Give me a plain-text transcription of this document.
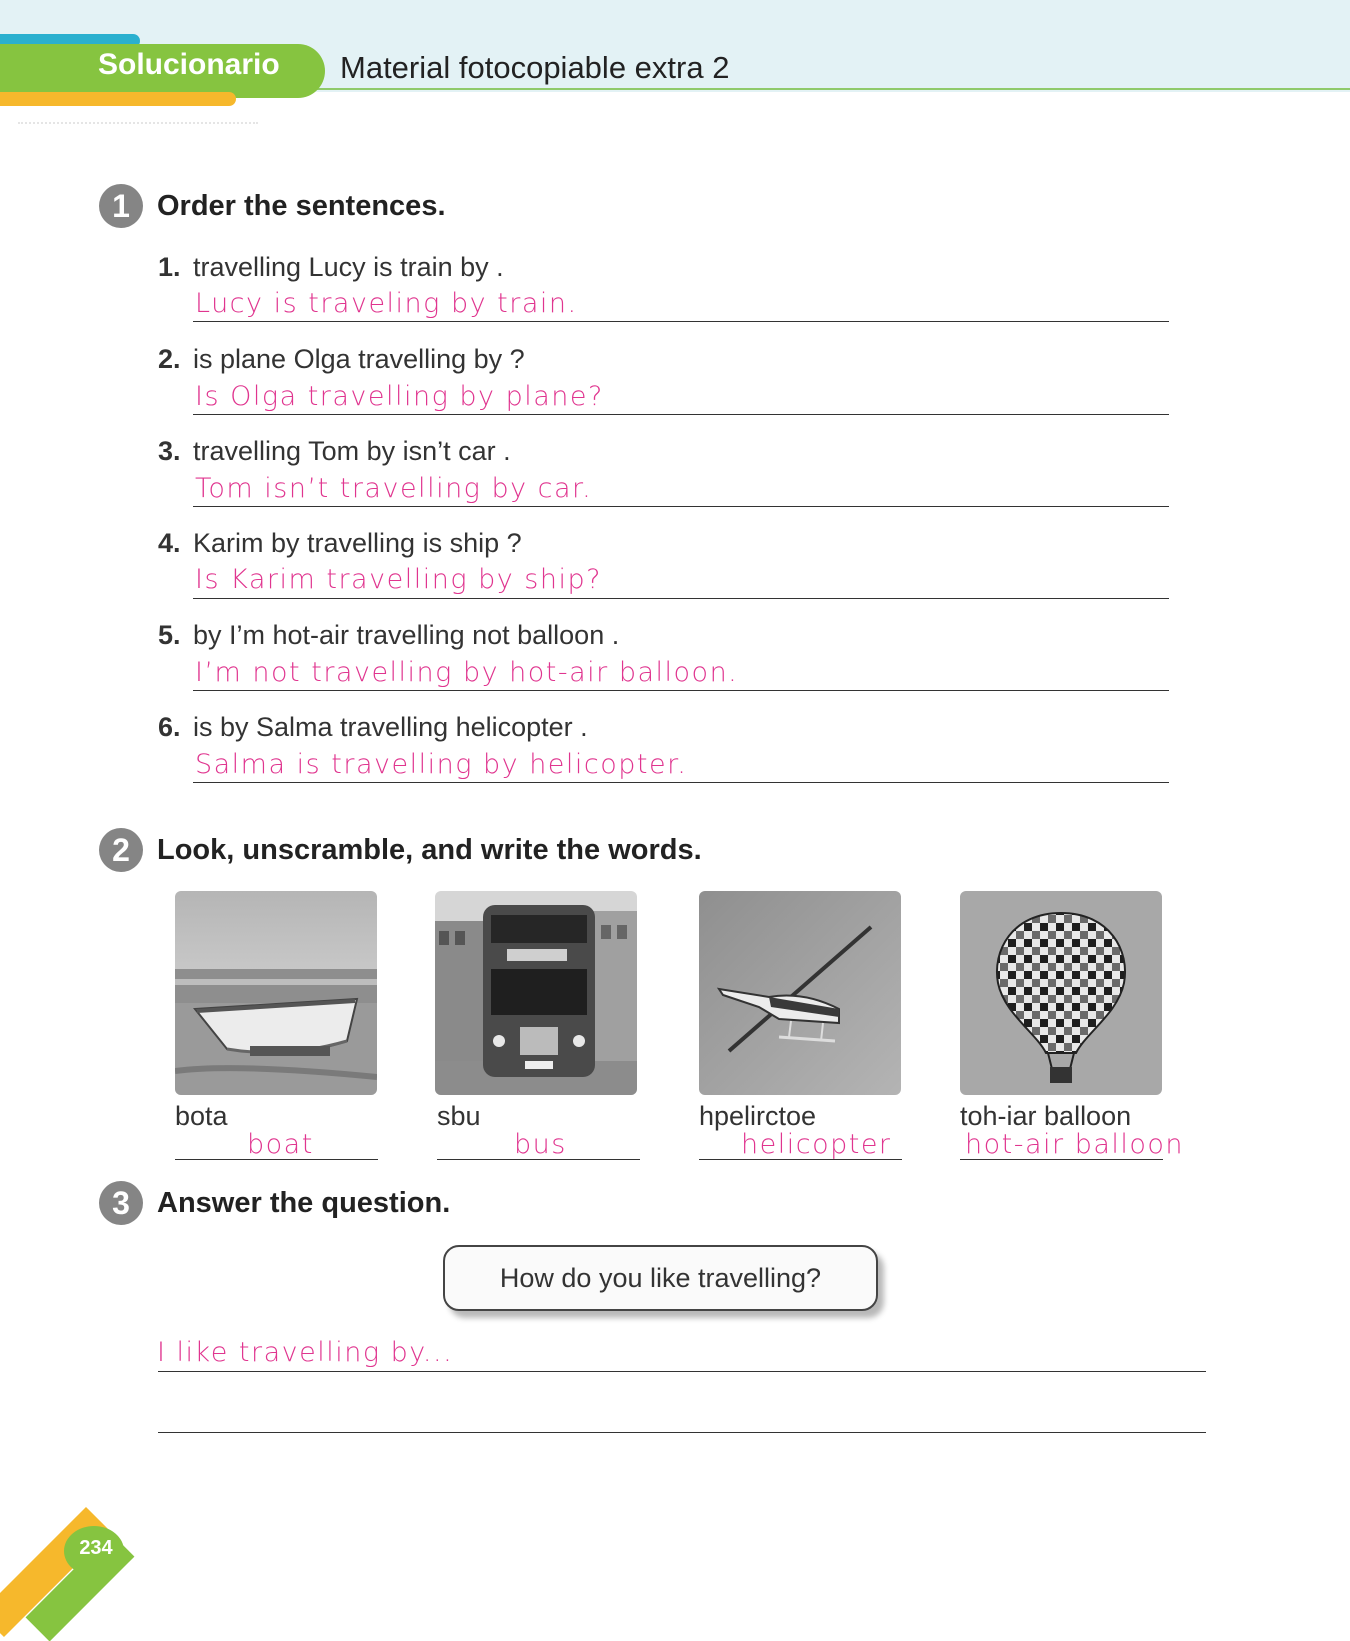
Solucionario Material fotocopiable extra 2
1 Order the sentences.
1. travelling Lucy is train by .
Lucy is traveling by train.
2. is plane Olga travelling by ?
Is Olga travelling by plane?
3. travelling Tom by isn’t car .
Tom isn’t travelling by car.
4. Karim by travelling is ship ?
Is Karim travelling by ship?
5. by I’m hot-air travelling not balloon .
I’m not travelling by hot-air balloon.
6. is by Salma travelling helicopter .
Salma is travelling by helicopter.
2 Look, unscramble, and write the words.
bota
boat
sbu
bus
hpelirctoe
helicopter
toh-iar balloon
hot-air balloon
3 Answer the question.
How do you like travelling?
I like travelling by...
234
